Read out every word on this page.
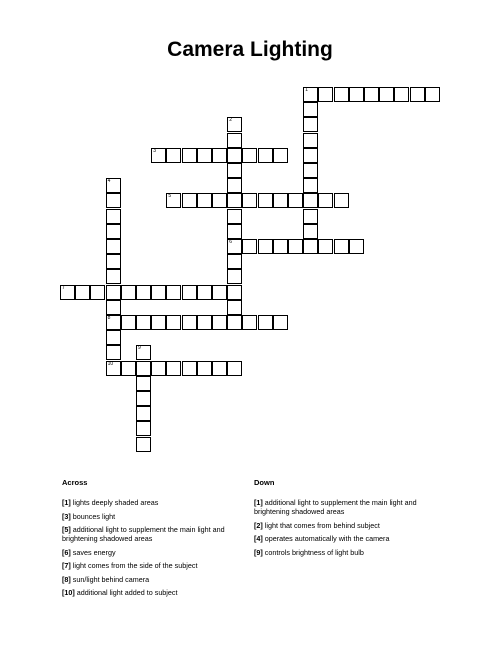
Camera Lighting
1
2
6
3
4
8
5
7
9
10
Across
[1] lights deeply shaded areas
[3] bounces light
[5] additional light to supplement the main light and brightening shadowed areas
[6] saves energy
[7] light comes from the side of the subject
[8] sun/light behind camera
[10] additional light added to subject
Down
[1] additional light to supplement the main light and brightening shadowed areas
[2] light that comes from behind subject
[4] operates automatically with the camera
[9] controls brightness of light bulb
